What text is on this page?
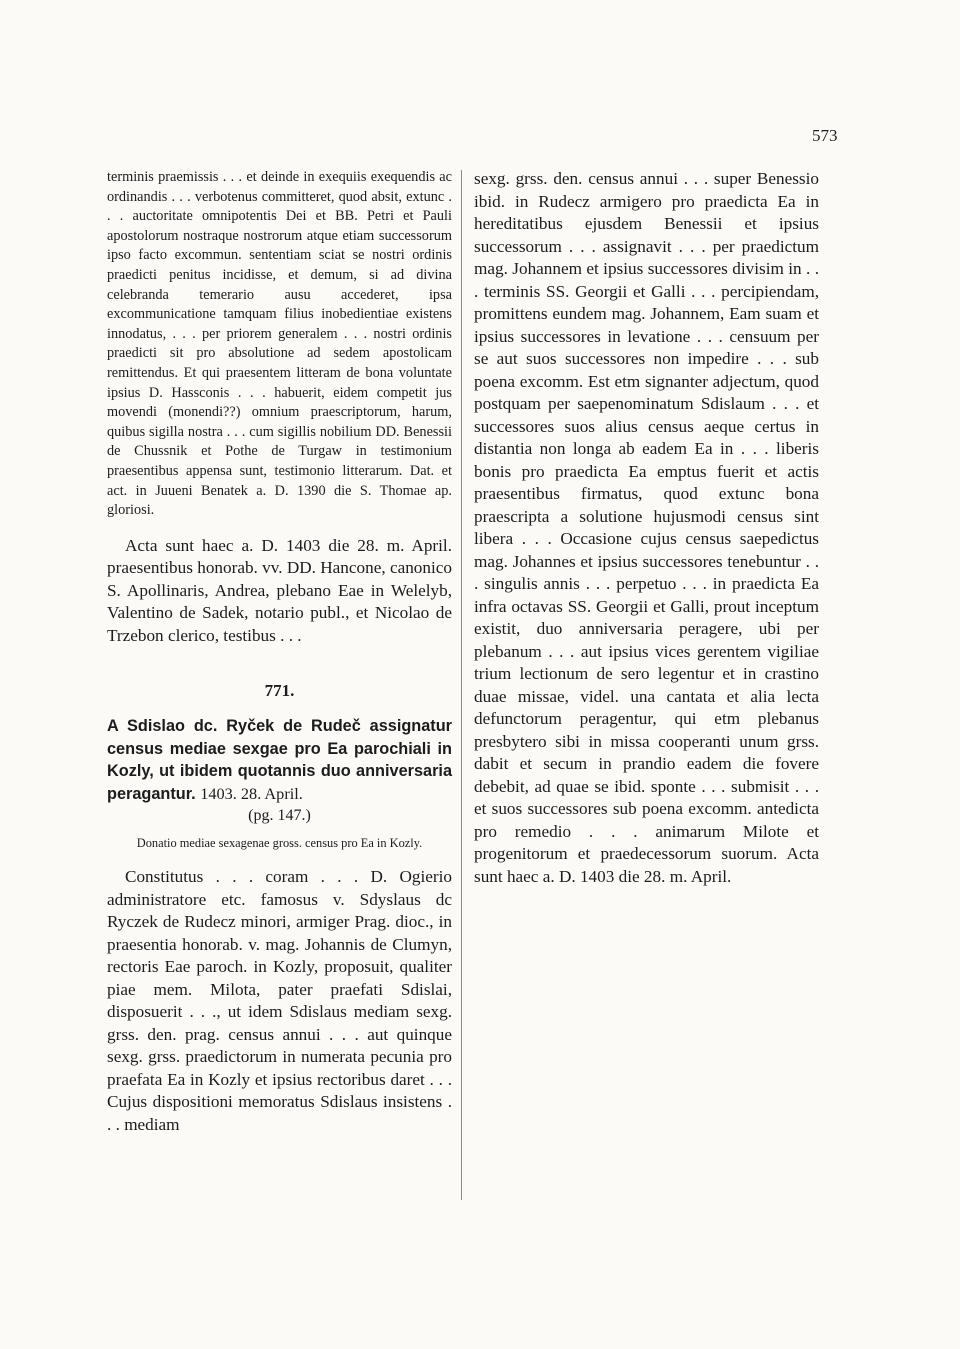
573

terminis praemissis . . . et deinde in exequiis exequendis ac ordinandis . . . verbotenus committeret, quod absit, extunc . . . auctoritate omnipotentis Dei et BB. Petri et Pauli apostolorum nostraque nostrorum atque etiam successorum ipso facto excommun. sententiam sciat se nostri ordinis praedicti penitus incidisse, et demum, si ad divina celebranda temerario ausu accederet, ipsa excommunicatione tamquam filius inobedientiae existens innodatus, . . . per priorem generalem . . . nostri ordinis praedicti sit pro absolutione ad sedem apostolicam remittendus. Et qui praesentem litteram de bona voluntate ipsius D. Hassconis . . . habuerit, eidem competit jus movendi (monendi??) omnium praescriptorum, harum, quibus sigilla nostra . . . cum sigillis nobilium DD. Benessii de Chussnik et Pothe de Turgaw in testimonium praesentibus appensa sunt, testimonio litterarum. Dat. et act. in Juueni Benatek a. D. 1390 die S. Thomae ap. gloriosi.

Acta sunt haec a. D. 1403 die 28. m. April. praesentibus honorab. vv. DD. Hancone, canonico S. Apollinaris, Andrea, plebano Eae in Welelyb, Valentino de Sadek, notario publ., et Nicolao de Trzebon clerico, testibus . . .

771.

A Sdislao dc. Ryček de Rudeč assignatur census mediae sexgae pro Ea parochiali in Kozly, ut ibidem quotannis duo anniversaria peragantur. 1403. 28. April.

(pg. 147.)
Donatio mediae sexagenae gross. census pro Ea in Kozly.

Constitutus . . . coram . . . D. Ogierio administratore etc. famosus v. Sdyslaus dc Ryczek de Rudecz minori, armiger Prag. dioc., in praesentia honorab. v. mag. Johannis de Clumyn, rectoris Eae paroch. in Kozly, proposuit, qualiter piae mem. Milota, pater praefati Sdislai, disposuerit . . ., ut idem Sdislaus mediam sexg. grss. den. prag. census annui . . . aut quinque sexg. grss. praedictorum in numerata pecunia pro praefata Ea in Kozly et ipsius rectoribus daret . . . Cujus dispositioni memoratus Sdislaus insistens . . . mediam

sexg. grss. den. census annui . . . super Benessio ibid. in Rudecz armigero pro praedicta Ea in hereditatibus ejusdem Benessii et ipsius successorum . . . assignavit . . . per praedictum mag. Johannem et ipsius successores divisim in . . . terminis SS. Georgii et Galli . . . percipiendam, promittens eundem mag. Johannem, Eam suam et ipsius successores in levatione . . . censuum per se aut suos successores non impedire . . . sub poena excomm. Est etm signanter adjectum, quod postquam per saepenominatum Sdislaum . . . et successores suos alius census aeque certus in distantia non longa ab eadem Ea in . . . liberis bonis pro praedicta Ea emptus fuerit et actis praesentibus firmatus, quod extunc bona praescripta a solutione hujusmodi census sint libera . . . Occasione cujus census saepedictus mag. Johannes et ipsius successores tenebuntur . . . singulis annis . . . perpetuo . . . in praedicta Ea infra octavas SS. Georgii et Galli, prout inceptum existit, duo anniversaria peragere, ubi per plebanum . . . aut ipsius vices gerentem vigiliae trium lectionum de sero legentur et in crastino duae missae, videl. una cantata et alia lecta defunctorum peragentur, qui etm plebanus presbytero sibi in missa cooperanti unum grss. dabit et secum in prandio eadem die fovere debebit, ad quae se ibid. sponte . . . submisit . . . et suos successores sub poena excomm. antedicta pro remedio . . . animarum Milote et progenitorum et praedecessorum suorum. Acta sunt haec a. D. 1403 die 28. m. April.
